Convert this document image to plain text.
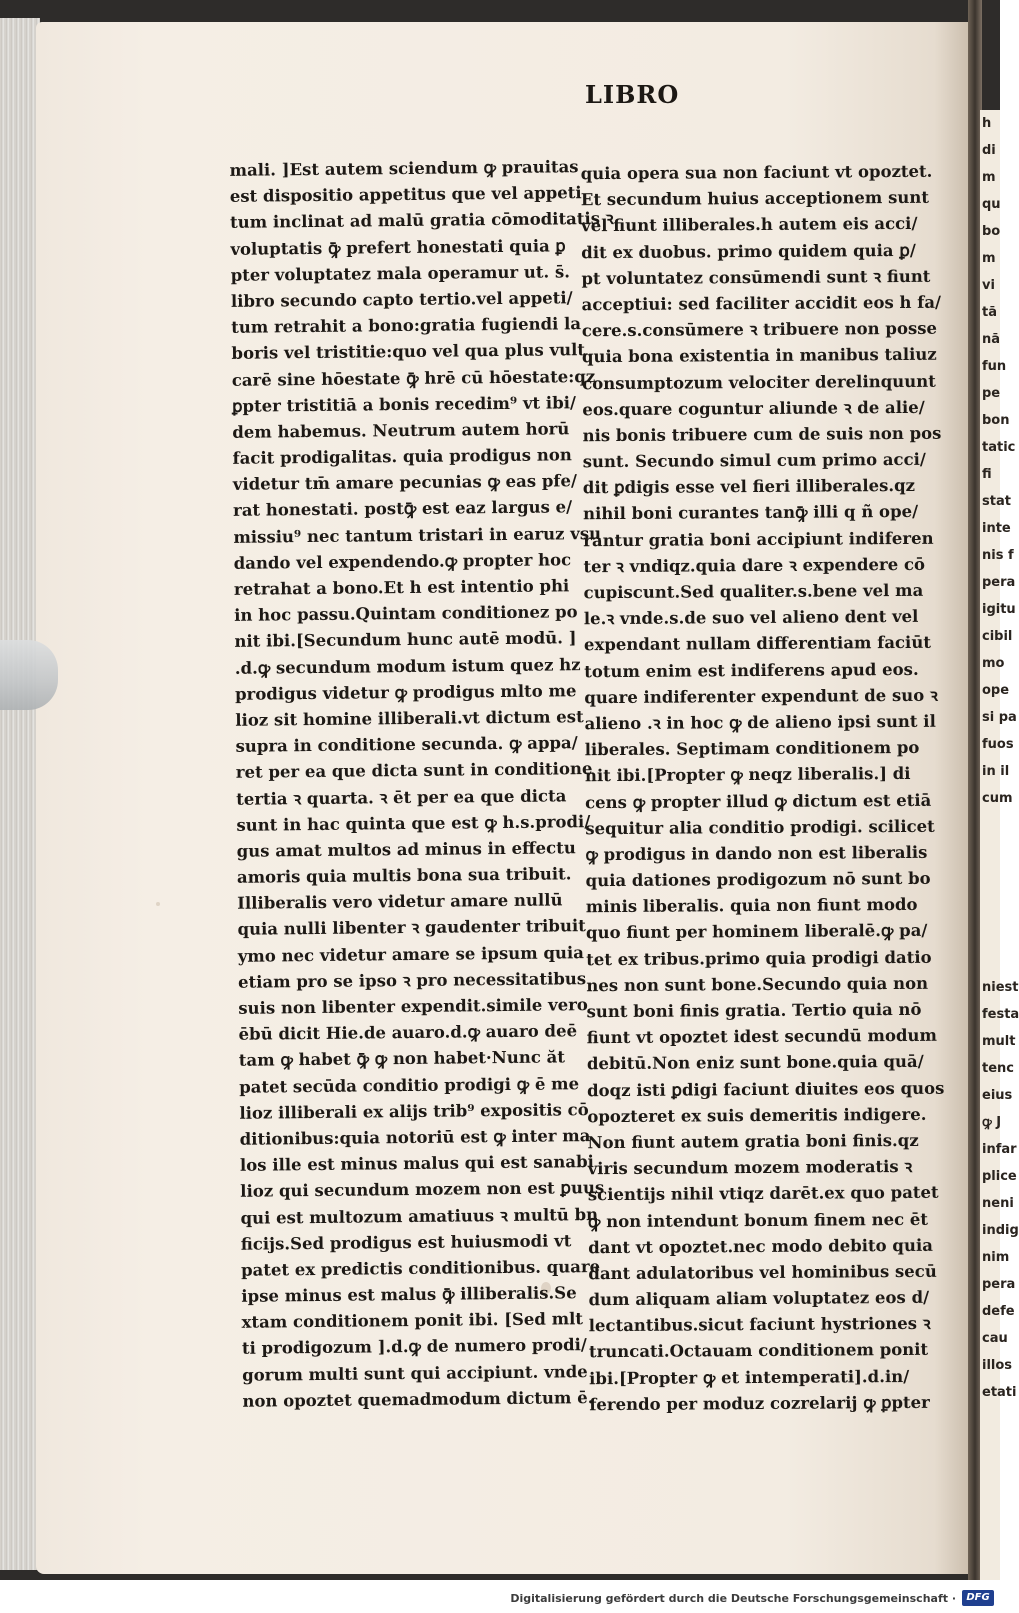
h
di
m
qu
bo
m
vi
tā
nā
fun
pe
bon
tatic
fi
stat
inte
nis f
pera
igitu
cibil
mo
ope
si pa
fuos
in il
cum

niest
festa
mult
tenc
eius
ꝙ J
infar
plice
neni
indig
nim
pera
defe
cau
illos
etati
LIBRO
mali. ]Est autem sciendum ꝙ prauitas
est dispositio appetitus que vel appeti
tum inclinat ad malū gratia cōmoditatis ꝛ
voluptatis ꝙ̄ prefert honestati quia ꝑ
pter voluptatez mala operamur ut. s̄.
libro secundo capto tertio.vel appeti/
tum retrahit a bono:gratia fugiendi la
boris vel tristitie:quo vel qua plus vult
carē sine hōestate ꝙ̄ hrē cū hōestate:qz
ꝑpter tristitiā a bonis recedim⁹ vt ibi/
dem habemus. Neutrum autem horū
facit prodigalitas. quia prodigus non
videtur tm̄ amare pecunias ꝙ eas pfe/
rat honestati. postꝙ̄ est eaz largus e/
missiu⁹ nec tantum tristari in earuz vsu
dando vel expendendo.ꝙ propter hoc
retrahat a bono.Et h est intentio phi
in hoc passu.Quintam conditionez po
nit ibi.[Secundum hunc autē modū. ]
.d.ꝙ secundum modum istum quez hz
prodigus videtur ꝙ prodigus mlto me
lioz sit homine illiberali.vt dictum est
supra in conditione secunda. ꝙ appa/
ret per ea que dicta sunt in conditione
tertia ꝛ quarta. ꝛ ēt per ea que dicta
sunt in hac quinta que est ꝙ h.s.prodi/
gus amat multos ad minus in effectu
amoris quia multis bona sua tribuit.
Illiberalis vero videtur amare nullū
quia nulli libenter ꝛ gaudenter tribuit
ymo nec videtur amare se ipsum quia
etiam pro se ipso ꝛ pro necessitatibus
suis non libenter expendit.simile vero
ēbū dicit Hie.de auaro.d.ꝙ auaro deē
tam ꝙ habet ꝙ̄ ꝙ non habet·Nunc ăt
patet secūda conditio prodigi ꝙ ē me
lioz illiberali ex alijs trib⁹ expositis cō
ditionibus:quia notoriū est ꝙ inter ma
los ille est minus malus qui est sanabi
lioz qui secundum mozem non est ꝑuus
qui est multozum amatiuus ꝛ multū bn
ficijs.Sed prodigus est huiusmodi vt
patet ex predictis conditionibus. quare
ipse minus est malus ꝙ̄ illiberalis.Se
xtam conditionem ponit ibi. [Sed mlt
ti prodigozum ].d.ꝙ de numero prodi/
gorum multi sunt qui accipiunt. vnde
non opoztet quemadmodum dictum ē.
quia opera sua non faciunt vt opoztet.
Et secundum huius acceptionem sunt
vel fiunt illiberales.h autem eis acci/
dit ex duobus. primo quidem quia ꝑ/
pt voluntatez consūmendi sunt ꝛ fiunt
acceptiui: sed faciliter accidit eos h fa/
cere.s.consūmere ꝛ tribuere non posse
quia bona existentia in manibus taliuz
consumptozum velociter derelinquunt
eos.quare coguntur aliunde ꝛ de alie/
nis bonis tribuere cum de suis non pos
sunt. Secundo simul cum primo acci/
dit ꝑdigis esse vel fieri illiberales.qz
nihil boni curantes tanꝙ̄ illi q ñ ope/
rantur gratia boni accipiunt indiferen
ter ꝛ vndiqz.quia dare ꝛ expendere cō
cupiscunt.Sed qualiter.s.bene vel ma
le.ꝛ vnde.s.de suo vel alieno dent vel
expendant nullam differentiam faciūt
totum enim est indiferens apud eos.
quare indiferenter expendunt de suo ꝛ
alieno .ꝛ in hoc ꝙ de alieno ipsi sunt il
liberales. Septimam conditionem po
nit ibi.[Propter ꝙ neqz liberalis.] di
cens ꝙ propter illud ꝙ dictum est etiā
sequitur alia conditio prodigi. scilicet
ꝙ prodigus in dando non est liberalis
quia dationes prodigozum nō sunt bo
minis liberalis. quia non fiunt modo
quo fiunt per hominem liberalē.ꝙ pa/
tet ex tribus.primo quia prodigi datio
nes non sunt bone.Secundo quia non
sunt boni finis gratia. Tertio quia nō
fiunt vt opoztet idest secundū modum
debitū.Non eniz sunt bone.quia quā/
doqz isti ꝑdigi faciunt diuites eos quos
opozteret ex suis demeritis indigere.
Non fiunt autem gratia boni finis.qz
viris secundum mozem moderatis ꝛ
scientijs nihil vtiqz darēt.ex quo patet
ꝙ non intendunt bonum finem nec ēt
dant vt opoztet.nec modo debito quia
dant adulatoribus vel hominibus secū
dum aliquam aliam voluptatez eos d/
lectantibus.sicut faciunt hystriones ꝛ
truncati.Octauam conditionem ponit
ibi.[Propter ꝙ et intemperati].d.in/
ferendo per moduz cozrelarij ꝙ ꝑpter
Digitalisierung gefördert durch die Deutsche Forschungsgemeinschaft ·	DFG
